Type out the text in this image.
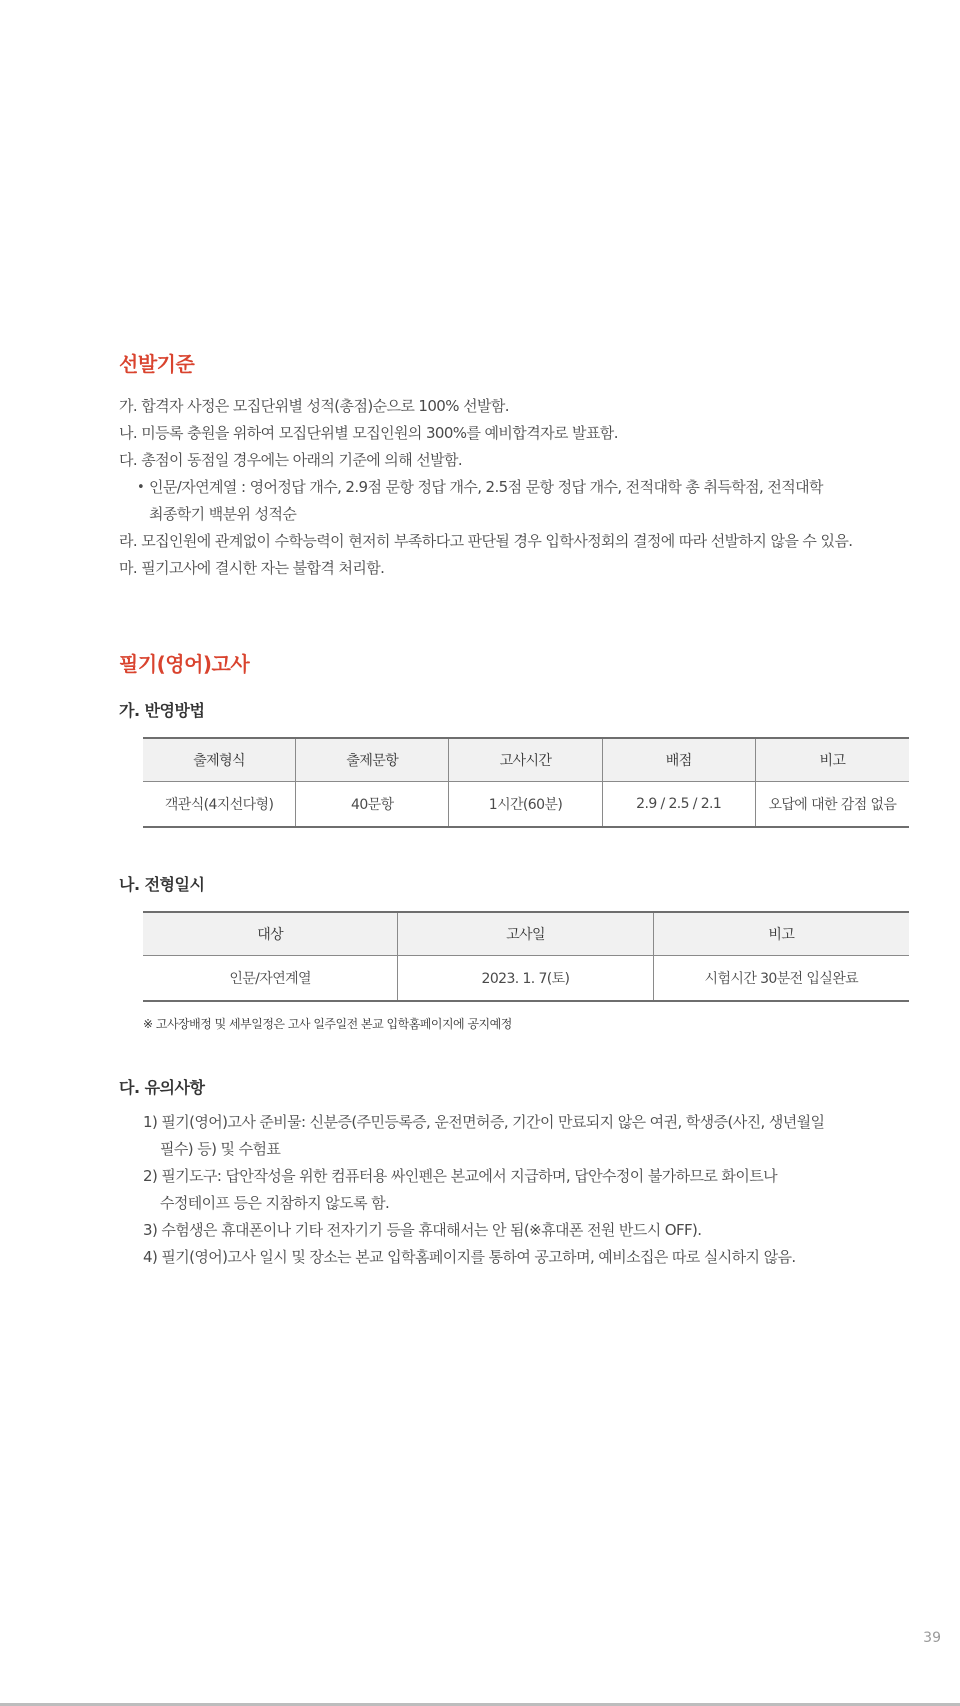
선발기준
가. 합격자 사정은 모집단위별 성적(총점)순으로 100% 선발함.
나. 미등록 충원을 위하여 모집단위별 모집인원의 300%를 예비합격자로 발표함.
다. 총점이 동점일 경우에는 아래의 기준에 의해 선발함.
• 인문/자연계열 : 영어정답 개수, 2.9점 문항 정답 개수, 2.5점 문항 정답 개수, 전적대학 총 취득학점, 전적대학
최종학기 백분위 성적순
라. 모집인원에 관계없이 수학능력이 현저히 부족하다고 판단될 경우 입학사정회의 결정에 따라 선발하지 않을 수 있음.
마. 필기고사에 결시한 자는 불합격 처리함.
필기(영어)고사
가. 반영방법
출제형식	출제문항	고사시간	배점	비고
객관식(4지선다형)	40문항	1시간(60분)	2.9 / 2.5 / 2.1	오답에 대한 감점 없음
나. 전형일시
대상	고사일	비고
인문/자연계열	2023. 1. 7(토)	시험시간 30분전 입실완료

※ 고사장배정 및 세부일정은 고사 일주일전 본교 입학홈페이지에 공지예정

다. 유의사항
1) 필기(영어)고사 준비물: 신분증(주민등록증, 운전면허증, 기간이 만료되지 않은 여권, 학생증(사진, 생년월일
필수) 등) 및 수험표
2) 필기도구: 답안작성을 위한 컴퓨터용 싸인펜은 본교에서 지급하며, 답안수정이 불가하므로 화이트나
수정테이프 등은 지참하지 않도록 함.
3) 수험생은 휴대폰이나 기타 전자기기 등을 휴대해서는 안 됨(※휴대폰 전원 반드시 OFF).
4) 필기(영어)고사 일시 및 장소는 본교 입학홈페이지를 통하여 공고하며, 예비소집은 따로 실시하지 않음.
39
